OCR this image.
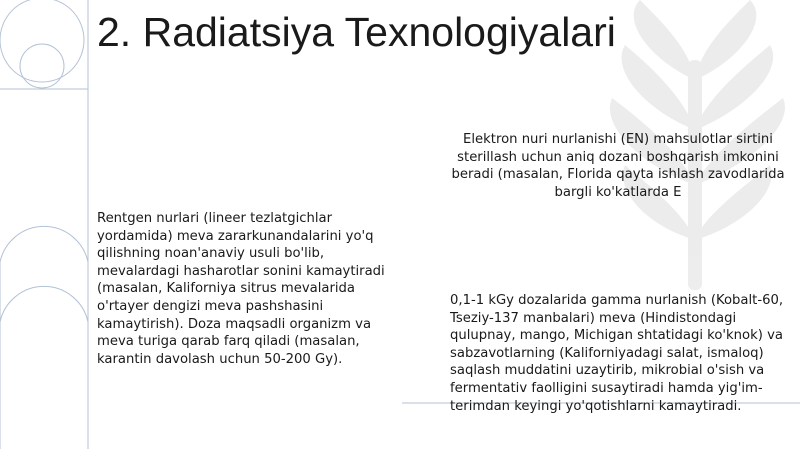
2. Radiatsiya Texnologiyalari

Elektron nuri nurlanishi (EN) mahsulotlar sirtini sterillash uchun aniq dozani boshqarish imkonini beradi (masalan, Florida qayta ishlash zavodlarida bargli ko'katlarda E

Rentgen nurlari (lineer tezlatgichlar yordamida) meva zararkunandalarini yo'q qilishning noan'anaviy usuli bo'lib, mevalardagi hasharotlar sonini kamaytiradi (masalan, Kaliforniya sitrus mevalarida o'rtayer dengizi meva pashshasini kamaytirish). Doza maqsadli organizm va meva turiga qarab farq qiladi (masalan, karantin davolash uchun 50-200 Gy).

0,1-1 kGy dozalarida gamma nurlanish (Kobalt-60, Tseziy-137 manbalari) meva (Hindistondagi qulupnay, mango, Michigan shtatidagi ko'knok) va sabzavotlarning (Kaliforniyadagi salat, ismaloq) saqlash muddatini uzaytirib, mikrobial o'sish va fermentativ faolligini susaytiradi hamda yig'im-terimdan keyingi yo'qotishlarni kamaytiradi.
